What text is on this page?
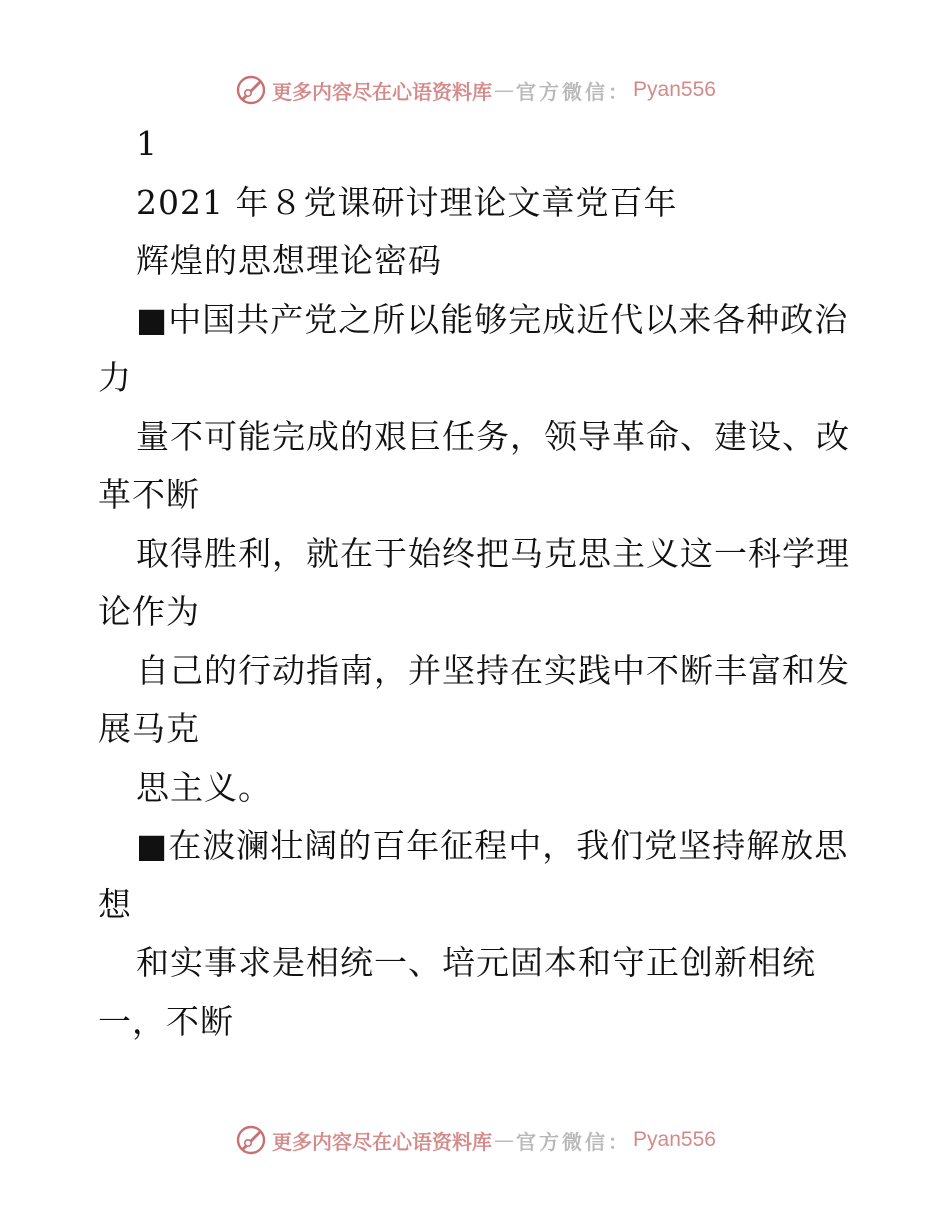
更多内容尽在心语资料库 — 官方微信： Pyan556
1
2021 年８党课研讨理论文章党百年
辉煌的思想理论密码
■中国共产党之所以能够完成近代以来各种政治
力
量不可能完成的艰巨任务，领导革命、建设、改
革不断
取得胜利，就在于始终把马克思主义这一科学理
论作为
自己的行动指南，并坚持在实践中不断丰富和发
展马克
思主义。
■在波澜壮阔的百年征程中，我们党坚持解放思
想
和实事求是相统一、培元固本和守正创新相统
一，不断
更多内容尽在心语资料库 — 官方微信： Pyan556
